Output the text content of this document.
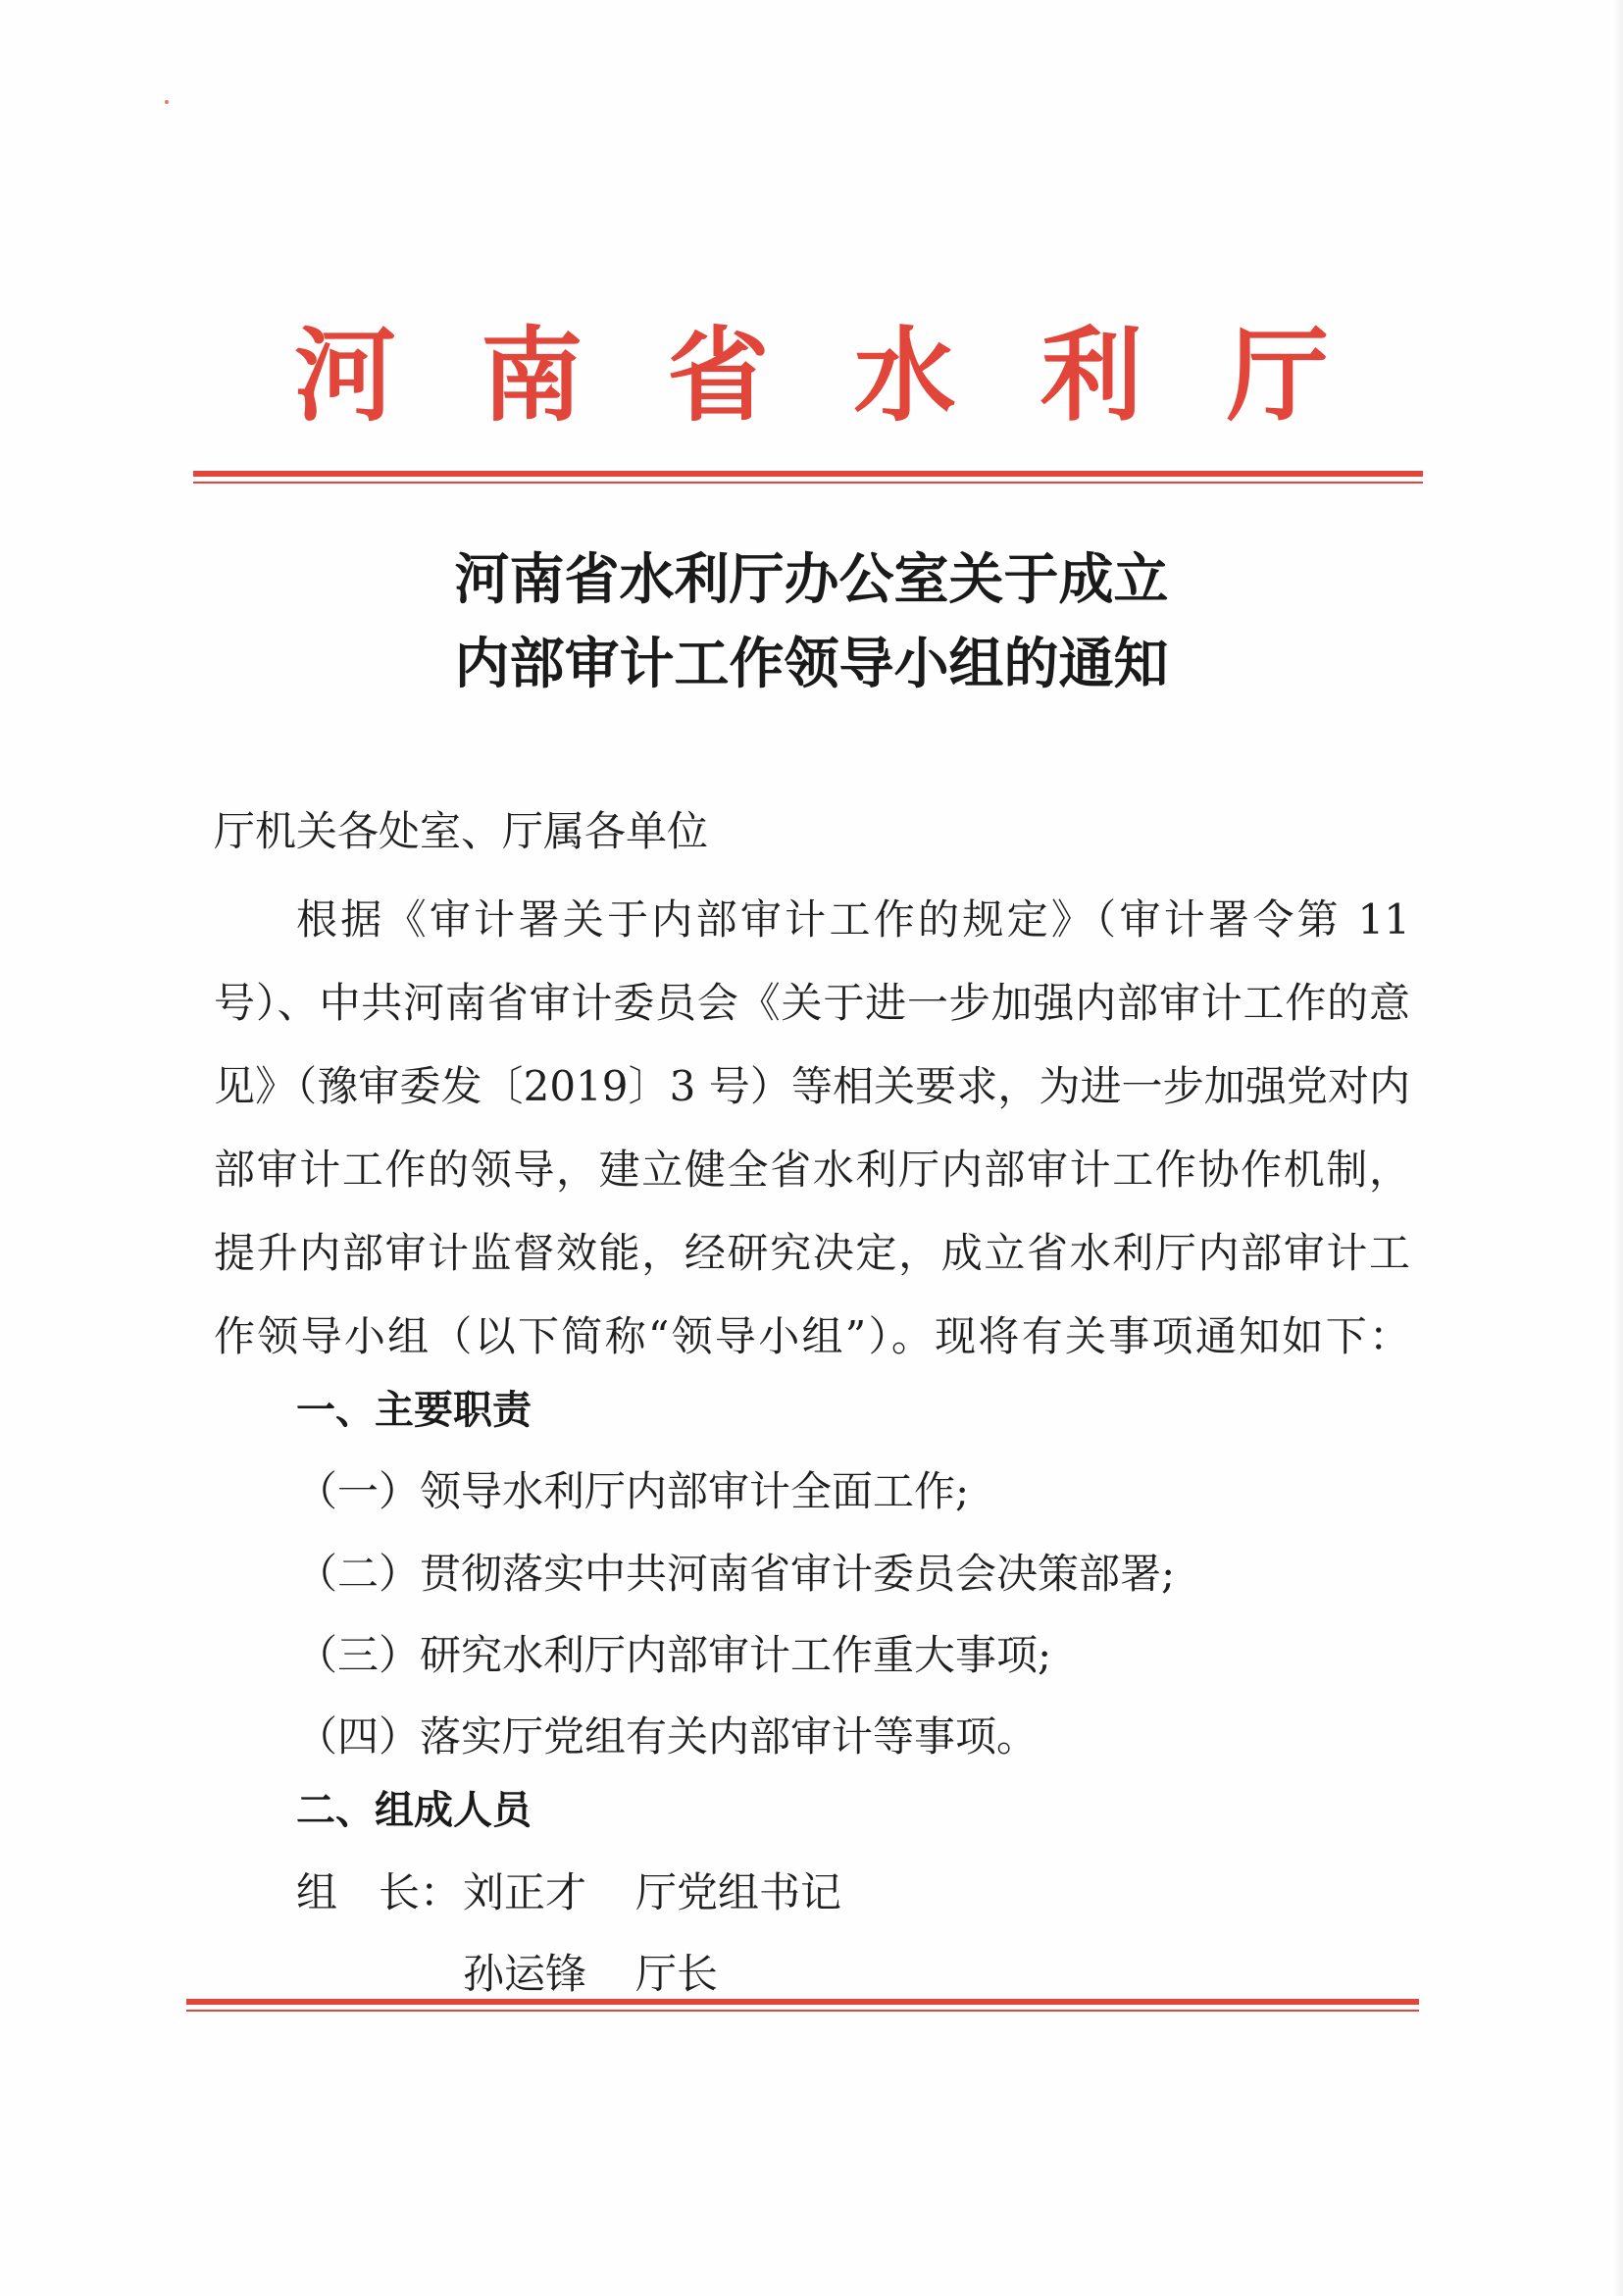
河 南 省 水 利 厅
河南省水利厅办公室关于成立
内部审计工作领导小组的通知
厅机关各处室、厅属各单位
根据《审计署关于内部审计工作的规定》（审计署令第 11
号）、中共河南省审计委员会《关于进一步加强内部审计工作的意
见》（豫审委发〔2019〕3 号）等相关要求，为进一步加强党对内
部审计工作的领导，建立健全省水利厅内部审计工作协作机制，
提升内部审计监督效能，经研究决定，成立省水利厅内部审计工
作领导小组（以下简称“领导小组”）。现将有关事项通知如下：
一、主要职责
（一）领导水利厅内部审计全面工作;
（二）贯彻落实中共河南省审计委员会决策部署;
（三）研究水利厅内部审计工作重大事项;
（四）落实厅党组有关内部审计等事项。
二、组成人员
组　长： 刘正才 厅党组书记
孙运锋 厅长
